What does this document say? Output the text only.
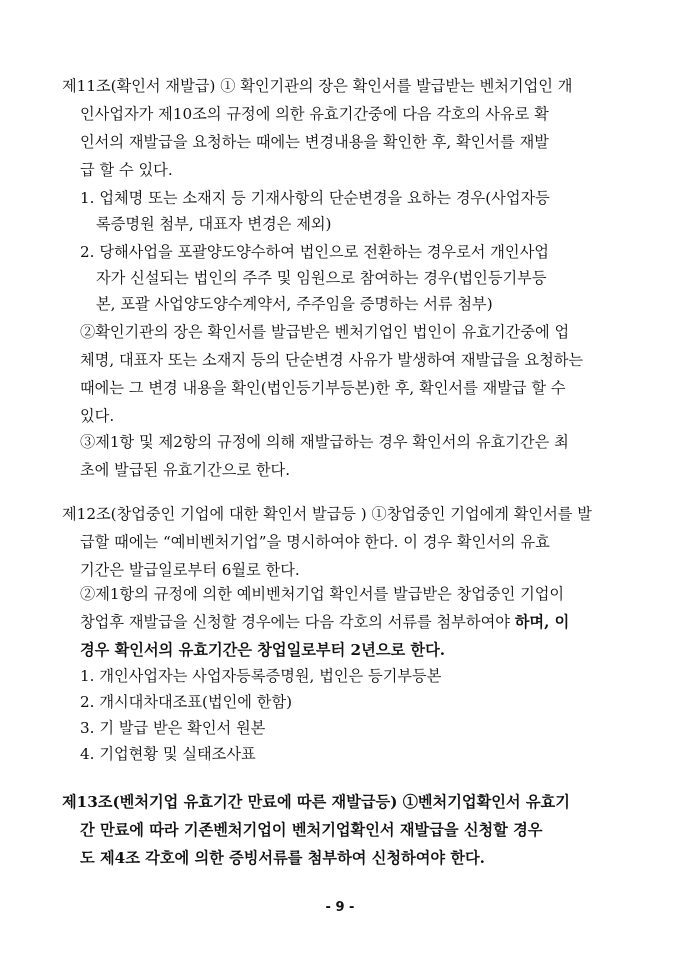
제11조(확인서 재발급) ① 확인기관의 장은 확인서를 발급받는 벤처기업인 개
인사업자가 제10조의 규정에 의한 유효기간중에 다음 각호의 사유로 확
인서의 재발급을 요청하는 때에는 변경내용을 확인한 후, 확인서를 재발
급 할 수 있다.
1. 업체명 또는 소재지 등 기재사항의 단순변경을 요하는 경우(사업자등
록증명원 첨부, 대표자 변경은 제외)
2. 당해사업을 포괄양도양수하여 법인으로 전환하는 경우로서 개인사업
자가 신설되는 법인의 주주 및 임원으로 참여하는 경우(법인등기부등
본, 포괄 사업양도양수계약서, 주주임을 증명하는 서류 첨부)
②확인기관의 장은 확인서를 발급받은 벤처기업인 법인이 유효기간중에 업
체명, 대표자 또는 소재지 등의 단순변경 사유가 발생하여 재발급을 요청하는
때에는 그 변경 내용을 확인(법인등기부등본)한 후, 확인서를 재발급 할 수
있다.
③제1항 및 제2항의 규정에 의해 재발급하는 경우 확인서의 유효기간은 최
초에 발급된 유효기간으로 한다.
제12조(창업중인 기업에 대한 확인서 발급등 ) ①창업중인 기업에게 확인서를 발
급할 때에는 “예비벤처기업”을 명시하여야 한다. 이 경우 확인서의 유효
기간은 발급일로부터 6월로 한다.
②제1항의 규정에 의한 예비벤처기업 확인서를 발급받은 창업중인 기업이
창업후 재발급을 신청할 경우에는 다음 각호의 서류를 첨부하여야 하며, 이
경우 확인서의 유효기간은 창업일로부터 2년으로 한다.
1. 개인사업자는 사업자등록증명원, 법인은 등기부등본
2. 개시대차대조표(법인에 한함)
3. 기 발급 받은 확인서 원본
4. 기업현황 및 실태조사표
제13조(벤처기업 유효기간 만료에 따른 재발급등) ①벤처기업확인서 유효기
간 만료에 따라 기존벤처기업이 벤처기업확인서 재발급을 신청할 경우
도 제4조 각호에 의한 증빙서류를 첨부하여 신청하여야 한다.
- 9 -
